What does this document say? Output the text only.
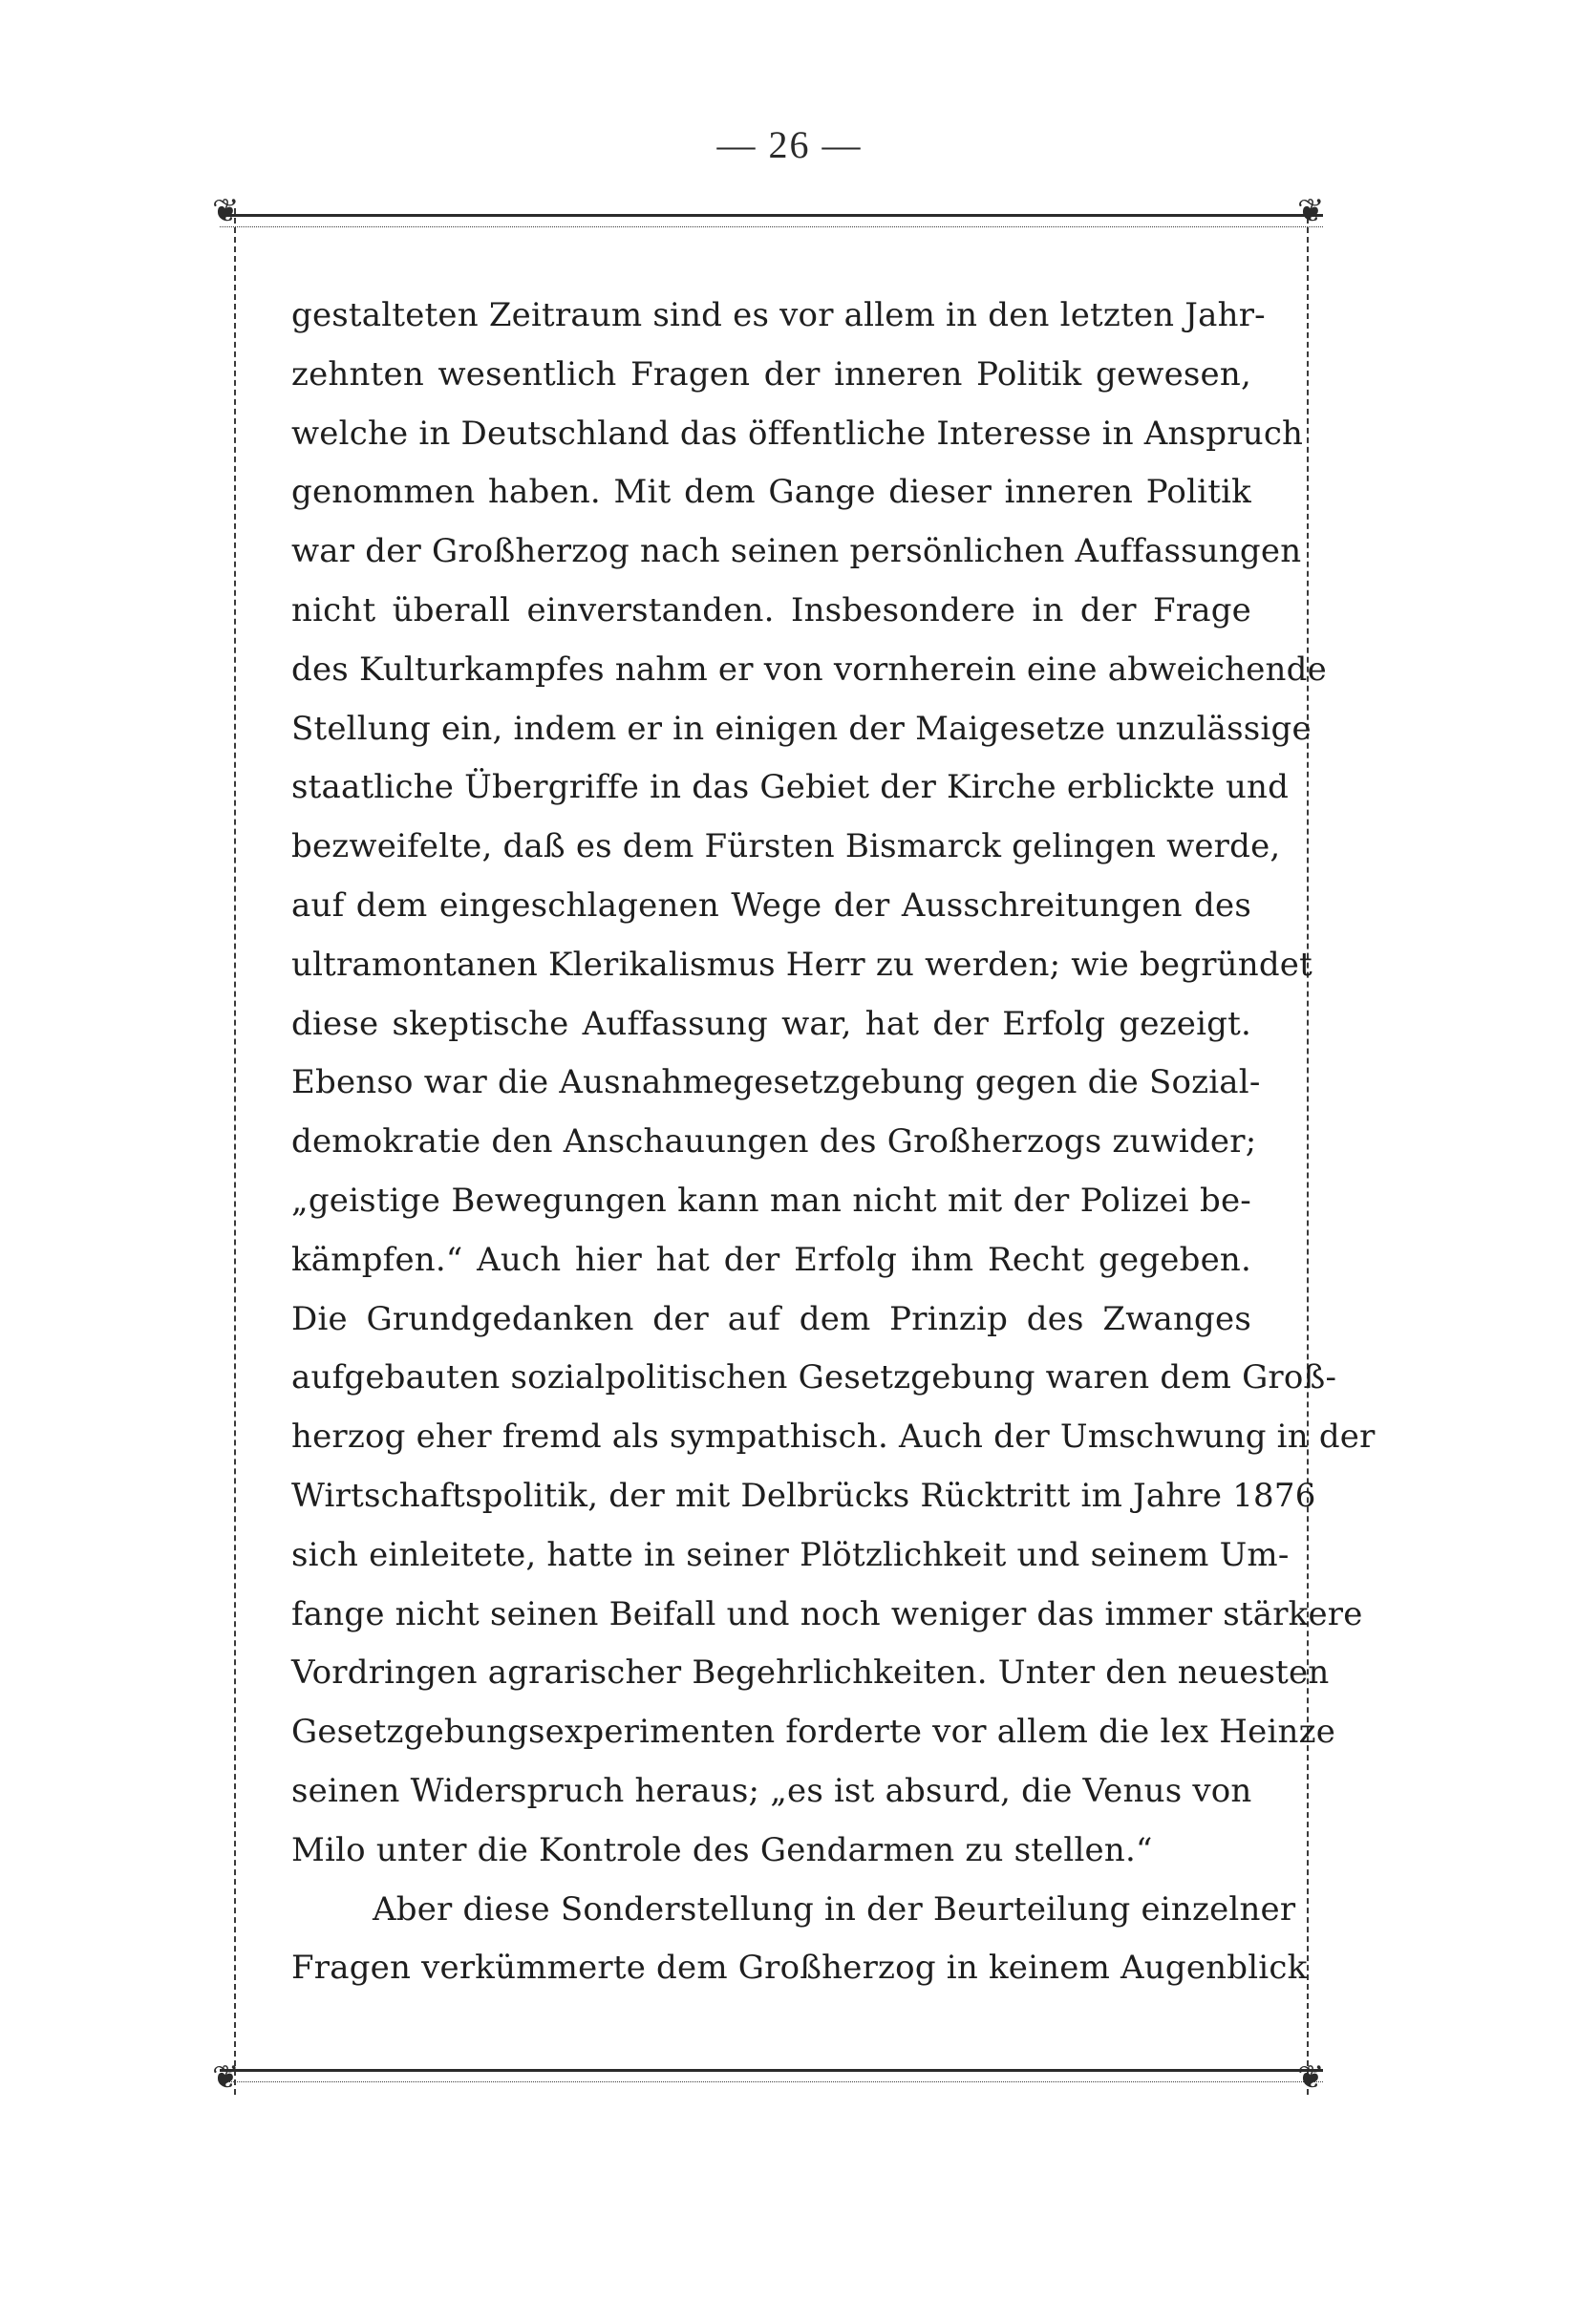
— 26 —
❦	❦
❦	❦
gestalteten Zeitraum sind es vor allem in den letzten Jahr-
zehnten wesentlich Fragen der inneren Politik gewesen,
welche in Deutschland das öffentliche Interesse in Anspruch
genommen haben. Mit dem Gange dieser inneren Politik
war der Großherzog nach seinen persönlichen Auffassungen
nicht überall einverstanden. Insbesondere in der Frage
des Kulturkampfes nahm er von vornherein eine abweichende
Stellung ein, indem er in einigen der Maigesetze unzulässige
staatliche Übergriffe in das Gebiet der Kirche erblickte und
bezweifelte, daß es dem Fürsten Bismarck gelingen werde,
auf dem eingeschlagenen Wege der Ausschreitungen des
ultramontanen Klerikalismus Herr zu werden; wie begründet
diese skeptische Auffassung war, hat der Erfolg gezeigt.
Ebenso war die Ausnahmegesetzgebung gegen die Sozial-
demokratie den Anschauungen des Großherzogs zuwider;
„geistige Bewegungen kann man nicht mit der Polizei be-
kämpfen.“ Auch hier hat der Erfolg ihm Recht gegeben.
Die Grundgedanken der auf dem Prinzip des Zwanges
aufgebauten sozialpolitischen Gesetzgebung waren dem Groß-
herzog eher fremd als sympathisch. Auch der Umschwung in der
Wirtschaftspolitik, der mit Delbrücks Rücktritt im Jahre 1876
sich einleitete, hatte in seiner Plötzlichkeit und seinem Um-
fange nicht seinen Beifall und noch weniger das immer stärkere
Vordringen agrarischer Begehrlichkeiten. Unter den neuesten
Gesetzgebungsexperimenten forderte vor allem die lex Heinze
seinen Widerspruch heraus; „es ist absurd, die Venus von
Milo unter die Kontrole des Gendarmen zu stellen.“
Aber diese Sonderstellung in der Beurteilung einzelner
Fragen verkümmerte dem Großherzog in keinem Augenblick
